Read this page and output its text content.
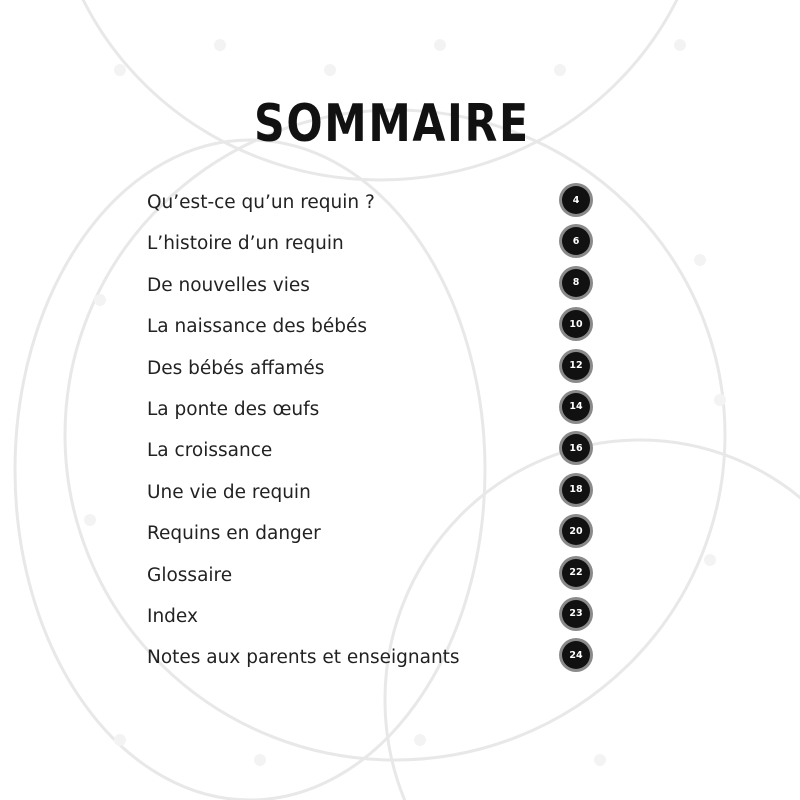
SOMMAIRE
Qu’est-ce qu’un requin ?	4
L’histoire d’un requin	6
De nouvelles vies	8
La naissance des bébés	10
Des bébés affamés	12
La ponte des œufs	14
La croissance	16
Une vie de requin	18
Requins en danger	20
Glossaire	22
Index	23
Notes aux parents et enseignants	24
